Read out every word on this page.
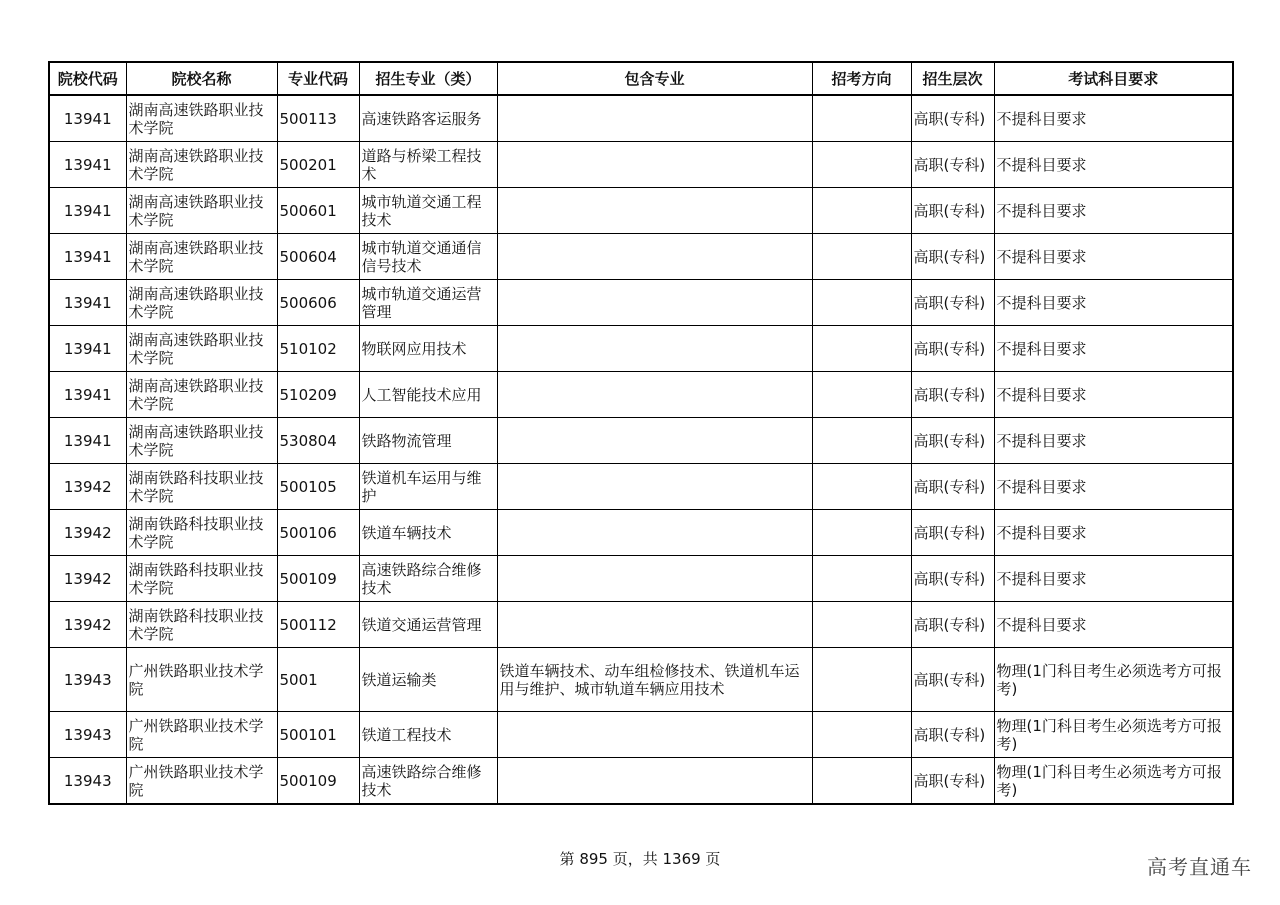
院校代码	院校名称	专业代码	招生专业（类）	包含专业	招考方向	招生层次	考试科目要求
13941	湖南高速铁路职业技术学院	500113	高速铁路客运服务			高职(专科)	不提科目要求
13941	湖南高速铁路职业技术学院	500201	道路与桥梁工程技术			高职(专科)	不提科目要求
13941	湖南高速铁路职业技术学院	500601	城市轨道交通工程技术			高职(专科)	不提科目要求
13941	湖南高速铁路职业技术学院	500604	城市轨道交通通信信号技术			高职(专科)	不提科目要求
13941	湖南高速铁路职业技术学院	500606	城市轨道交通运营管理			高职(专科)	不提科目要求
13941	湖南高速铁路职业技术学院	510102	物联网应用技术			高职(专科)	不提科目要求
13941	湖南高速铁路职业技术学院	510209	人工智能技术应用			高职(专科)	不提科目要求
13941	湖南高速铁路职业技术学院	530804	铁路物流管理			高职(专科)	不提科目要求
13942	湖南铁路科技职业技术学院	500105	铁道机车运用与维护			高职(专科)	不提科目要求
13942	湖南铁路科技职业技术学院	500106	铁道车辆技术			高职(专科)	不提科目要求
13942	湖南铁路科技职业技术学院	500109	高速铁路综合维修技术			高职(专科)	不提科目要求
13942	湖南铁路科技职业技术学院	500112	铁道交通运营管理			高职(专科)	不提科目要求
13943	广州铁路职业技术学院	5001	铁道运输类	铁道车辆技术、动车组检修技术、铁道机车运用与维护、城市轨道车辆应用技术		高职(专科)	物理(1门科目考生必须选考方可报考)
13943	广州铁路职业技术学院	500101	铁道工程技术			高职(专科)	物理(1门科目考生必须选考方可报考)
13943	广州铁路职业技术学院	500109	高速铁路综合维修技术			高职(专科)	物理(1门科目考生必须选考方可报考)
第 895 页，共 1369 页	高考直通车
